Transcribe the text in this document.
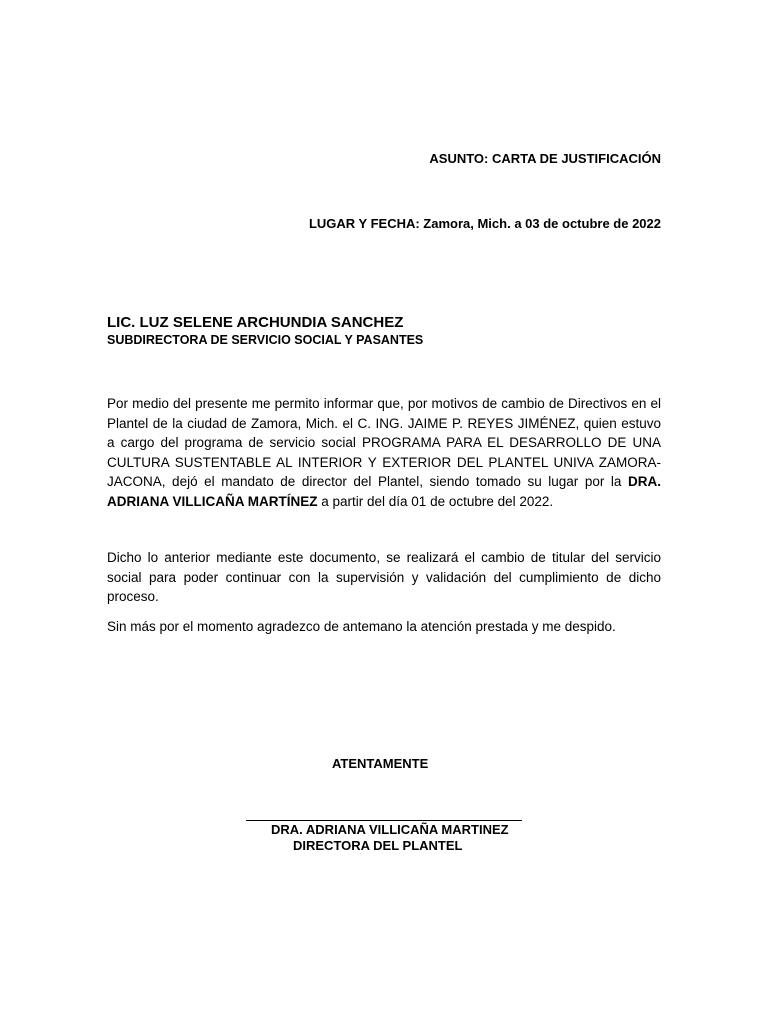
ASUNTO: CARTA DE JUSTIFICACIÓN
LUGAR Y FECHA: Zamora, Mich. a 03 de octubre de 2022
LIC. LUZ SELENE ARCHUNDIA SANCHEZ
SUBDIRECTORA DE SERVICIO SOCIAL Y PASANTES

Por medio del presente me permito informar que, por motivos de cambio de Directivos en el Plantel de la ciudad de Zamora, Mich. el C. ING. JAIME P. REYES JIMÉNEZ, quien estuvo a cargo del programa de servicio social PROGRAMA PARA EL DESARROLLO DE UNA CULTURA SUSTENTABLE AL INTERIOR Y EXTERIOR DEL PLANTEL UNIVA ZAMORA-JACONA, dejó el mandato de director del Plantel, siendo tomado su lugar por la DRA. ADRIANA VILLICAÑA MARTÍNEZ a partir del día 01 de octubre del 2022.

Dicho lo anterior mediante este documento, se realizará el cambio de titular del servicio social para poder continuar con la supervisión y validación del cumplimiento de dicho proceso.

Sin más por el momento agradezco de antemano la atención prestada y me despido.

ATENTAMENTE
DRA. ADRIANA VILLICAÑA MARTINEZ
DIRECTORA DEL PLANTEL
